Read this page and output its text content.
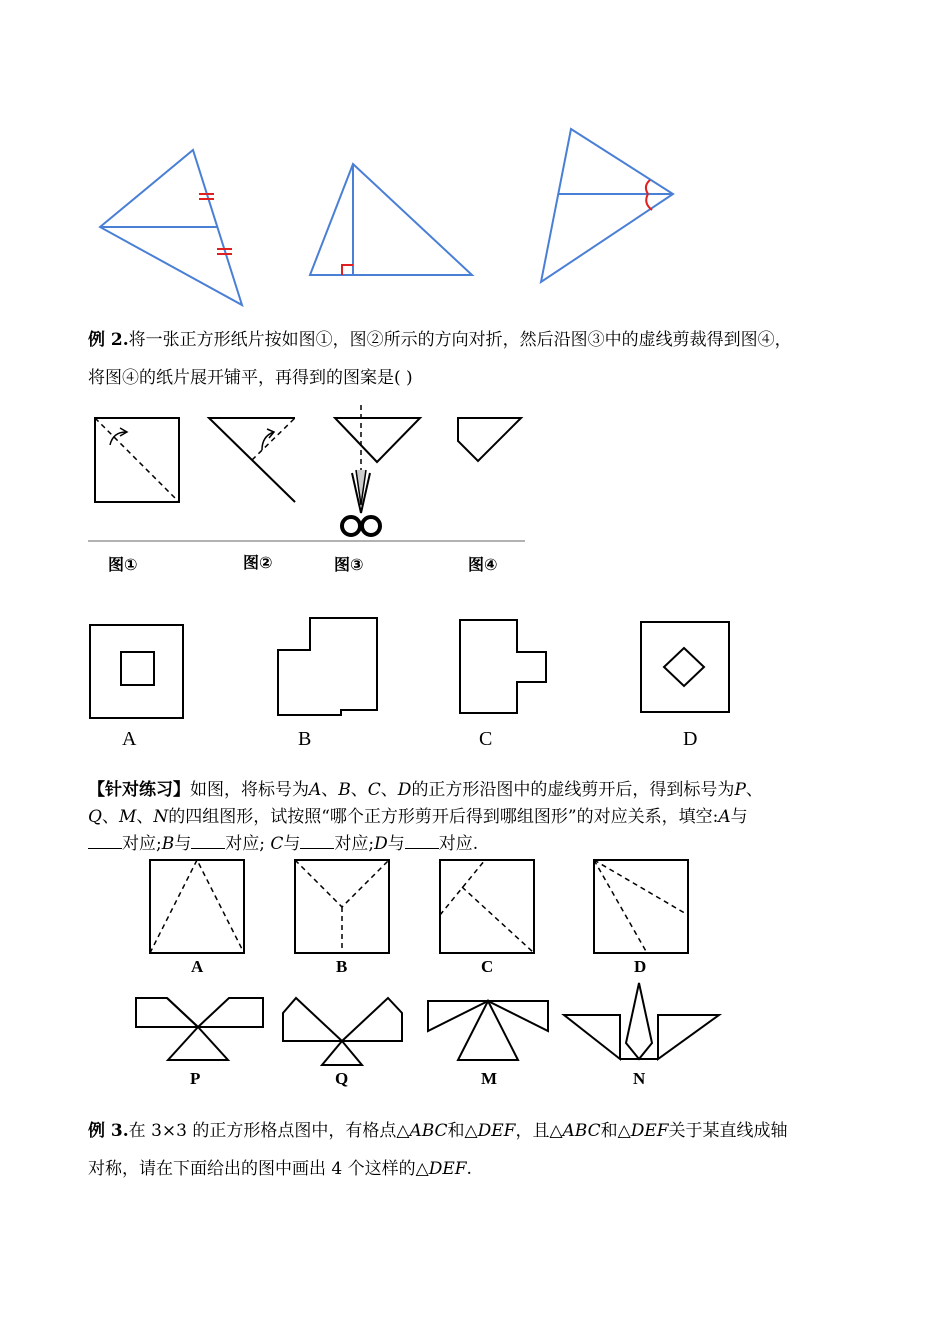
例 2.将一张正方形纸片按如图①，图②所示的方向对折，然后沿图③中的虚线剪裁得到图④，
将图④的纸片展开铺平，再得到的图案是( )
图①	图②	图③	图④
A	B	C	D
【针对练习】如图，将标号为A、B、C、D的正方形沿图中的虚线剪开后，得到标号为P、
Q、M、N的四组图形，试按照“哪个正方形剪开后得到哪组图形”的对应关系，填空:A与
对应;B与 对应; C与 对应;D与 对应.
A	B	C	D
P	Q	M	N
例 3.在 3×3 的正方形格点图中，有格点△ABC和△DEF，且△ABC和△DEF关于某直线成轴
对称，请在下面给出的图中画出 4 个这样的△DEF.
